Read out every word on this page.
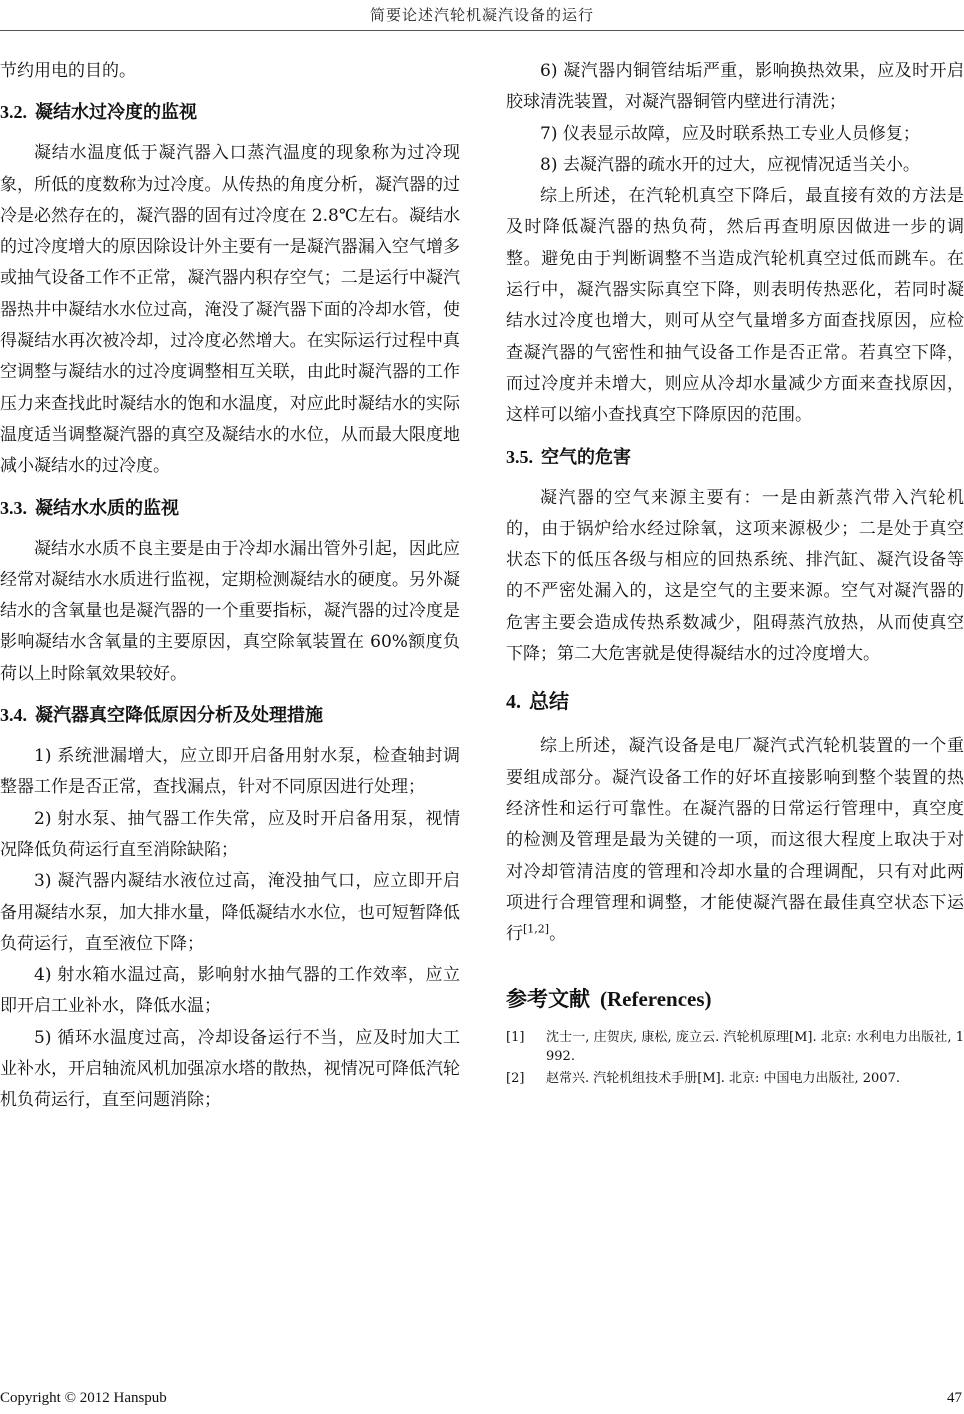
简要论述汽轮机凝汽设备的运行

节约用电的目的。

3.2. 凝结水过冷度的监视

凝结水温度低于凝汽器入口蒸汽温度的现象称为过冷现象，所低的度数称为过冷度。从传热的角度分析，凝汽器的过冷是必然存在的，凝汽器的固有过冷度在 2.8℃左右。凝结水的过冷度增大的原因除设计外主要有一是凝汽器漏入空气增多或抽气设备工作不正常，凝汽器内积存空气；二是运行中凝汽器热井中凝结水水位过高，淹没了凝汽器下面的冷却水管，使得凝结水再次被冷却，过冷度必然增大。在实际运行过程中真空调整与凝结水的过冷度调整相互关联，由此时凝汽器的工作压力来查找此时凝结水的饱和水温度，对应此时凝结水的实际温度适当调整凝汽器的真空及凝结水的水位，从而最大限度地减小凝结水的过冷度。

3.3. 凝结水水质的监视

凝结水水质不良主要是由于冷却水漏出管外引起，因此应经常对凝结水水质进行监视，定期检测凝结水的硬度。另外凝结水的含氧量也是凝汽器的一个重要指标，凝汽器的过冷度是影响凝结水含氧量的主要原因，真空除氧装置在 60%额度负荷以上时除氧效果较好。

3.4. 凝汽器真空降低原因分析及处理措施

1) 系统泄漏增大，应立即开启备用射水泵，检查轴封调整器工作是否正常，查找漏点，针对不同原因进行处理；

2) 射水泵、抽气器工作失常，应及时开启备用泵，视情况降低负荷运行直至消除缺陷；

3) 凝汽器内凝结水液位过高，淹没抽气口，应立即开启备用凝结水泵，加大排水量，降低凝结水水位，也可短暂降低负荷运行，直至液位下降；

4) 射水箱水温过高，影响射水抽气器的工作效率，应立即开启工业补水，降低水温；

5) 循环水温度过高，冷却设备运行不当，应及时加大工业补水，开启轴流风机加强凉水塔的散热，视情况可降低汽轮机负荷运行，直至问题消除；

6) 凝汽器内铜管结垢严重，影响换热效果，应及时开启胶球清洗装置，对凝汽器铜管内壁进行清洗；

7) 仪表显示故障，应及时联系热工专业人员修复；

8) 去凝汽器的疏水开的过大，应视情况适当关小。

综上所述，在汽轮机真空下降后，最直接有效的方法是及时降低凝汽器的热负荷，然后再查明原因做进一步的调整。避免由于判断调整不当造成汽轮机真空过低而跳车。在运行中，凝汽器实际真空下降，则表明传热恶化，若同时凝结水过冷度也增大，则可从空气量增多方面查找原因，应检查凝汽器的气密性和抽气设备工作是否正常。若真空下降，而过冷度并未增大，则应从冷却水量减少方面来查找原因，这样可以缩小查找真空下降原因的范围。

3.5. 空气的危害

凝汽器的空气来源主要有：一是由新蒸汽带入汽轮机的，由于锅炉给水经过除氧，这项来源极少；二是处于真空状态下的低压各级与相应的回热系统、排汽缸、凝汽设备等的不严密处漏入的，这是空气的主要来源。空气对凝汽器的危害主要会造成传热系数减少，阻碍蒸汽放热，从而使真空下降；第二大危害就是使得凝结水的过冷度增大。

4. 总结

综上所述，凝汽设备是电厂凝汽式汽轮机装置的一个重要组成部分。凝汽设备工作的好坏直接影响到整个装置的热经济性和运行可靠性。在凝汽器的日常运行管理中，真空度的检测及管理是最为关键的一项，而这很大程度上取决于对对冷却管清洁度的管理和冷却水量的合理调配，只有对此两项进行合理管理和调整，才能使凝汽器在最佳真空状态下运行[1,2]。

参考文献 (References)
[1]	沈士一, 庄贺庆, 康松, 庞立云. 汽轮机原理[M]. 北京: 水利电力出版社, 1992.
[2]	赵常兴. 汽轮机组技术手册[M]. 北京: 中国电力出版社, 2007.
Copyright © 2012 Hanspub	47
